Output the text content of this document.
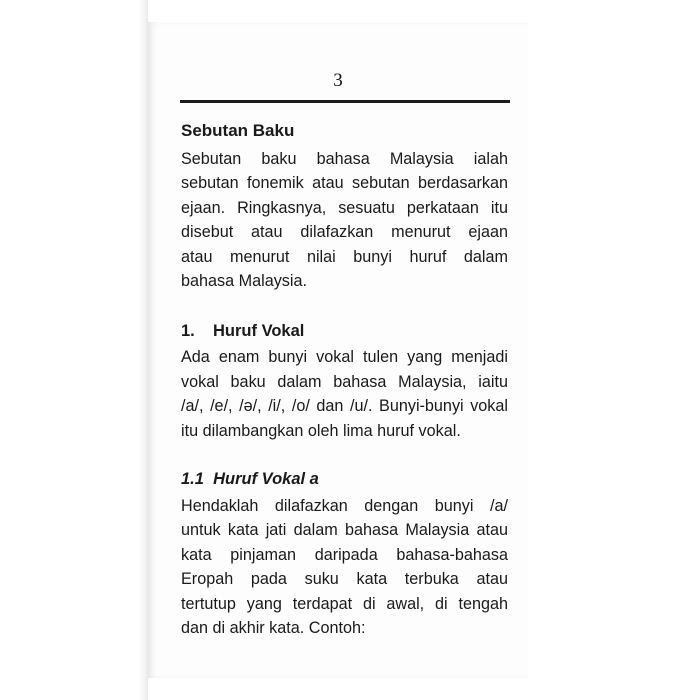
3
Sebutan Baku

Sebutan baku bahasa Malaysia ialah
sebutan fonemik atau sebutan berdasarkan
ejaan. Ringkasnya, sesuatu perkataan itu
disebut atau dilafazkan menurut ejaan
atau menurut nilai bunyi huruf dalam
bahasa Malaysia.

1.	Huruf Vokal

Ada enam bunyi vokal tulen yang menjadi
vokal baku dalam bahasa Malaysia, iaitu
/a/, /e/, /ə/, /i/, /o/ dan /u/. Bunyi-bunyi vokal
itu dilambangkan oleh lima huruf vokal.

1.1  Huruf Vokal a

Hendaklah dilafazkan dengan bunyi /a/
untuk kata jati dalam bahasa Malaysia atau
kata pinjaman daripada bahasa-bahasa
Eropah pada suku kata terbuka atau
tertutup yang terdapat di awal, di tengah
dan di akhir kata. Contoh:
